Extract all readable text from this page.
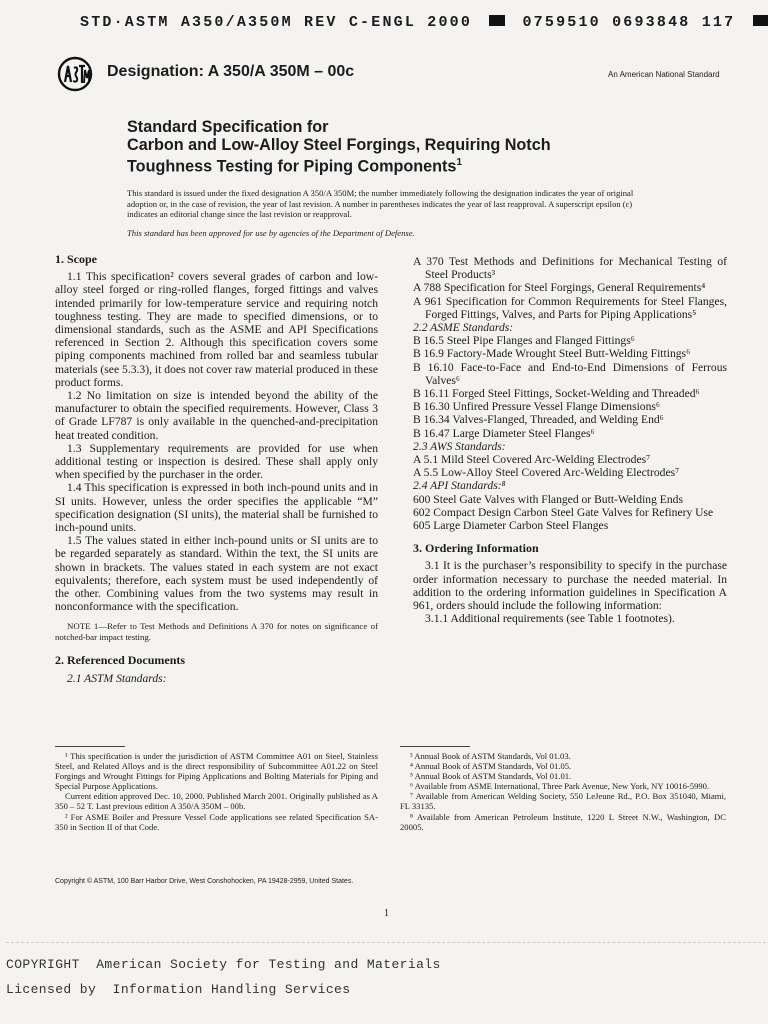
STD·ASTM A350/A350M REV C-ENGL 2000	0759510 0693848 117
Designation: A 350/A 350M – 00c	An American National Standard
Standard Specification for
Carbon and Low-Alloy Steel Forgings, Requiring Notch
Toughness Testing for Piping Components$^1$
This standard is issued under the fixed designation A 350/A 350M; the number immediately following the designation indicates the year of original adoption or, in the case of revision, the year of last revision. A number in parentheses indicates the year of last reapproval. A superscript epsilon (ε) indicates an editorial change since the last revision or reapproval.
This standard has been approved for use by agencies of the Department of Defense.

1. Scope

1.1 This specification² covers several grades of carbon and low-alloy steel forged or ring-rolled flanges, forged fittings and valves intended primarily for low-temperature service and requiring notch toughness testing. They are made to specified dimensions, or to dimensional standards, such as the ASME and API Specifications referenced in Section 2. Although this specification covers some piping components machined from rolled bar and seamless tubular materials (see 5.3.3), it does not cover raw material produced in these product forms.

1.2 No limitation on size is intended beyond the ability of the manufacturer to obtain the specified requirements. However, Class 3 of Grade LF787 is only available in the quenched-and-precipitation heat treated condition.

1.3 Supplementary requirements are provided for use when additional testing or inspection is desired. These shall apply only when specified by the purchaser in the order.

1.4 This specification is expressed in both inch-pound units and in SI units. However, unless the order specifies the applicable “M” specification designation (SI units), the material shall be furnished to inch-pound units.

1.5 The values stated in either inch-pound units or SI units are to be regarded separately as standard. Within the text, the SI units are shown in brackets. The values stated in each system are not exact equivalents; therefore, each system must be used independently of the other. Combining values from the two systems may result in nonconformance with the specification.

NOTE 1—Refer to Test Methods and Definitions A 370 for notes on significance of notched-bar impact testing.

2. Referenced Documents

2.1 ASTM Standards:

A 370 Test Methods and Definitions for Mechanical Testing of Steel Products³

A 788 Specification for Steel Forgings, General Requirements⁴

A 961 Specification for Common Requirements for Steel Flanges, Forged Fittings, Valves, and Parts for Piping Applications⁵

2.2 ASME Standards:

B 16.5 Steel Pipe Flanges and Flanged Fittings⁶

B 16.9 Factory-Made Wrought Steel Butt-Welding Fittings⁶

B 16.10 Face-to-Face and End-to-End Dimensions of Ferrous Valves⁶

B 16.11 Forged Steel Fittings, Socket-Welding and Threaded⁶

B 16.30 Unfired Pressure Vessel Flange Dimensions⁶

B 16.34 Valves-Flanged, Threaded, and Welding End⁶

B 16.47 Large Diameter Steel Flanges⁶

2.3 AWS Standards:

A 5.1 Mild Steel Covered Arc-Welding Electrodes⁷

A 5.5 Low-Alloy Steel Covered Arc-Welding Electrodes⁷

2.4 API Standards:⁸

600 Steel Gate Valves with Flanged or Butt-Welding Ends

602 Compact Design Carbon Steel Gate Valves for Refinery Use

605 Large Diameter Carbon Steel Flanges

3. Ordering Information

3.1 It is the purchaser’s responsibility to specify in the purchase order information necessary to purchase the needed material. In addition to the ordering information guidelines in Specification A 961, orders should include the following information:

3.1.1 Additional requirements (see Table 1 footnotes).

¹ This specification is under the jurisdiction of ASTM Committee A01 on Steel, Stainless Steel, and Related Alloys and is the direct responsibility of Subcommittee A01.22 on Steel Forgings and Wrought Fittings for Piping Applications and Bolting Materials for Piping and Special Purpose Applications.

Current edition approved Dec. 10, 2000. Published March 2001. Originally published as A 350 – 52 T. Last previous edition A 350/A 350M – 00b.

² For ASME Boiler and Pressure Vessel Code applications see related Specification SA-350 in Section II of that Code.

³ Annual Book of ASTM Standards, Vol 01.03.

⁴ Annual Book of ASTM Standards, Vol 01.05.

⁵ Annual Book of ASTM Standards, Vol 01.01.

⁶ Available from ASME International, Three Park Avenue, New York, NY 10016-5990.

⁷ Available from American Welding Society, 550 LeJeune Rd., P.O. Box 351040, Miami, FL 33135.

⁸ Available from American Petroleum Institute, 1220 L Street N.W., Washington, DC 20005.

Copyright © ASTM, 100 Barr Harbor Drive, West Conshohocken, PA 19428-2959, United States.
1
COPYRIGHT  American Society for Testing and Materials
Licensed by  Information Handling Services
